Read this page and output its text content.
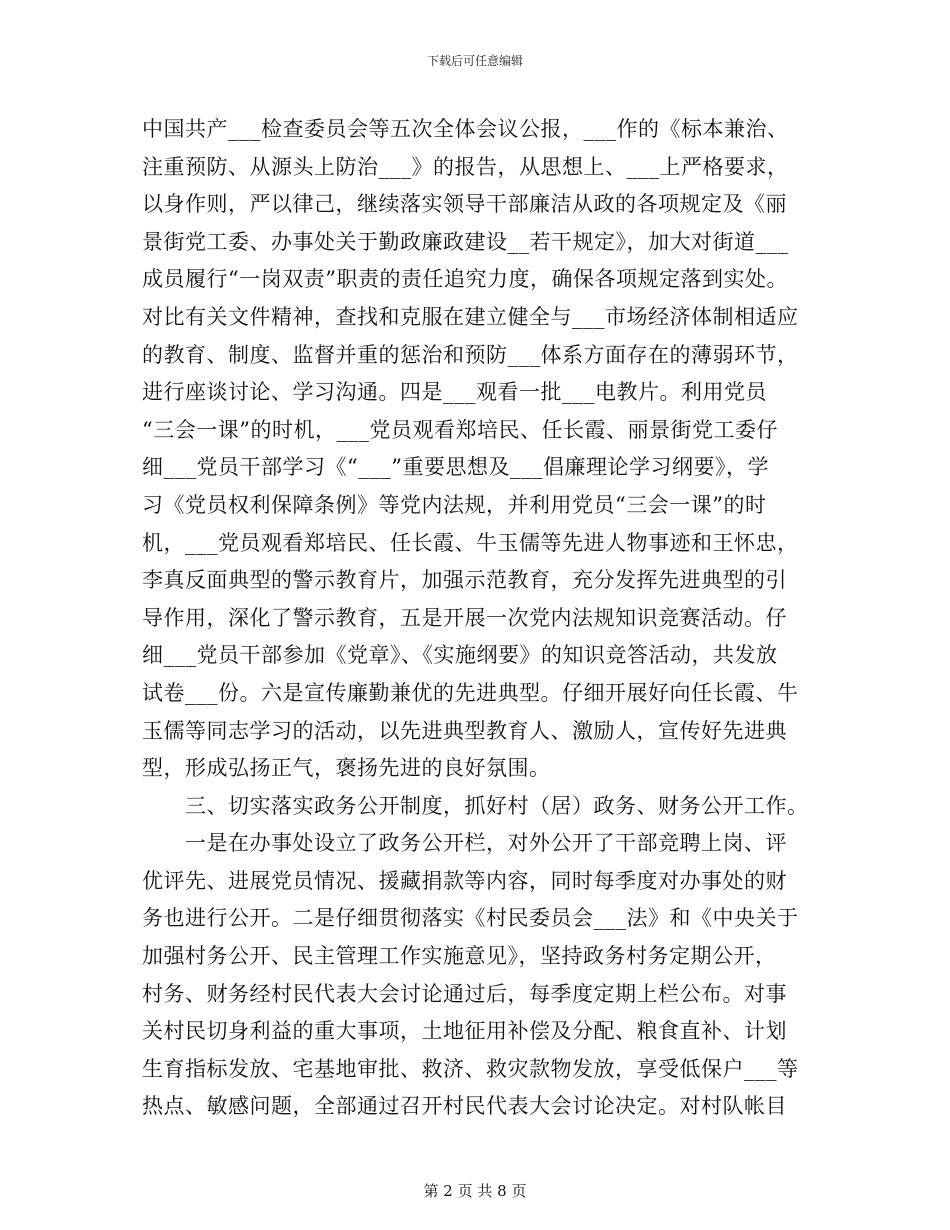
下载后可任意编辑
中国共产___检查委员会等五次全体会议公报，___作的《标本兼治、
注重预防、从源头上防治___》的报告，从思想上、___上严格要求，
以身作则，严以律己，继续落实领导干部廉洁从政的各项规定及《丽
景街党工委、办事处关于勤政廉政建设__若干规定》，加大对街道___
成员履行“一岗双责”职责的责任追究力度，确保各项规定落到实处。
对比有关文件精神，查找和克服在建立健全与___市场经济体制相适应
的教育、制度、监督并重的惩治和预防___体系方面存在的薄弱环节，
进行座谈讨论、学习沟通。四是___观看一批___电教片。利用党员
“三会一课”的时机，___党员观看郑培民、任长霞、丽景街党工委仔
细___党员干部学习《“___”重要思想及___倡廉理论学习纲要》，学
习《党员权利保障条例》等党内法规，并利用党员“三会一课”的时
机，___党员观看郑培民、任长霞、牛玉儒等先进人物事迹和王怀忠，
李真反面典型的警示教育片，加强示范教育，充分发挥先进典型的引
导作用，深化了警示教育，五是开展一次党内法规知识竞赛活动。仔
细___党员干部参加《党章》、《实施纲要》的知识竞答活动，共发放
试卷___份。六是宣传廉勤兼优的先进典型。仔细开展好向任长霞、牛
玉儒等同志学习的活动，以先进典型教育人、激励人，宣传好先进典
型，形成弘扬正气，褒扬先进的良好氛围。
三、切实落实政务公开制度，抓好村（居）政务、财务公开工作。
一是在办事处设立了政务公开栏，对外公开了干部竞聘上岗、评
优评先、进展党员情况、援藏捐款等内容，同时每季度对办事处的财
务也进行公开。二是仔细贯彻落实《村民委员会___法》和《中央关于
加强村务公开、民主管理工作实施意见》，坚持政务村务定期公开，
村务、财务经村民代表大会讨论通过后，每季度定期上栏公布。对事
关村民切身利益的重大事项，土地征用补偿及分配、粮食直补、计划
生育指标发放、宅基地审批、救济、救灾款物发放，享受低保户___等
热点、敏感问题，全部通过召开村民代表大会讨论决定。对村队帐目
第 2 页 共 8 页
